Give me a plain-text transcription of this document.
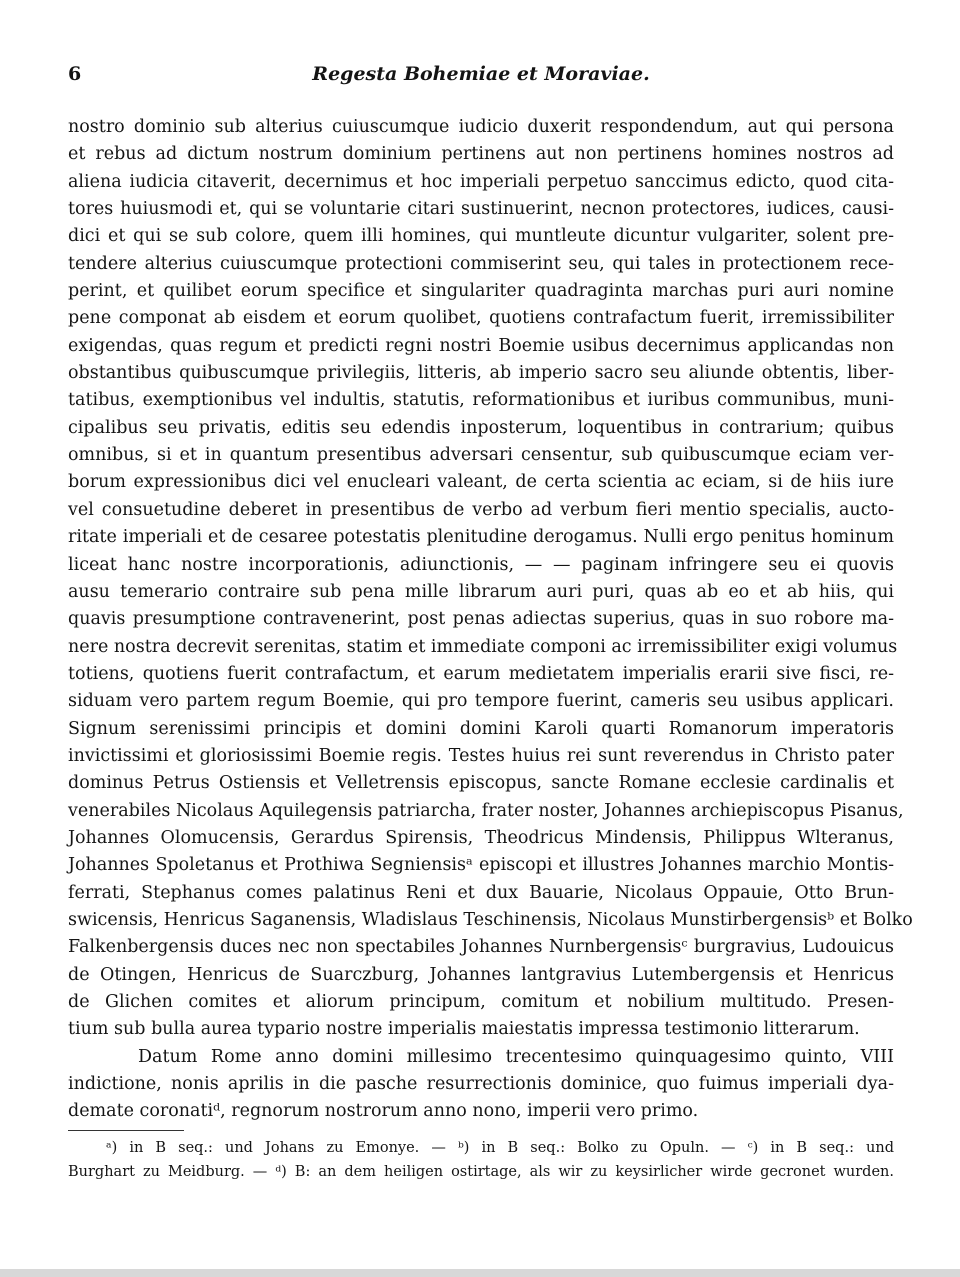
6	Regesta Bohemiae et Moraviae.
nostro dominio sub alterius cuiuscumque iudicio duxerit respondendum, aut qui persona
et rebus ad dictum nostrum dominium pertinens aut non pertinens homines nostros ad
aliena iudicia citaverit, decernimus et hoc imperiali perpetuo sanccimus edicto, quod cita-
tores huiusmodi et, qui se voluntarie citari sustinuerint, necnon protectores, iudices, causi-
dici et qui se sub colore, quem illi homines, qui muntleute dicuntur vulgariter, solent pre-
tendere alterius cuiuscumque protectioni commiserint seu, qui tales in protectionem rece-
perint, et quilibet eorum specifice et singulariter quadraginta marchas puri auri nomine
pene componat ab eisdem et eorum quolibet, quotiens contrafactum fuerit, irremissibiliter
exigendas, quas regum et predicti regni nostri Boemie usibus decernimus applicandas non
obstantibus quibuscumque privilegiis, litteris, ab imperio sacro seu aliunde obtentis, liber-
tatibus, exemptionibus vel indultis, statutis, reformationibus et iuribus communibus, muni-
cipalibus seu privatis, editis seu edendis inposterum, loquentibus in contrarium; quibus
omnibus, si et in quantum presentibus adversari censentur, sub quibuscumque eciam ver-
borum expressionibus dici vel enucleari valeant, de certa scientia ac eciam, si de hiis iure
vel consuetudine deberet in presentibus de verbo ad verbum fieri mentio specialis, aucto-
ritate imperiali et de cesaree potestatis plenitudine derogamus. Nulli ergo penitus hominum
liceat hanc nostre incorporationis, adiunctionis, — — paginam infringere seu ei quovis
ausu temerario contraire sub pena mille librarum auri puri, quas ab eo et ab hiis, qui
quavis presumptione contravenerint, post penas adiectas superius, quas in suo robore ma-
nere nostra decrevit serenitas, statim et immediate componi ac irremissibiliter exigi volumus
totiens, quotiens fuerit contrafactum, et earum medietatem imperialis erarii sive fisci, re-
siduam vero partem regum Boemie, qui pro tempore fuerint, cameris seu usibus applicari.
Signum serenissimi principis et domini domini Karoli quarti Romanorum imperatoris
invictissimi et gloriosissimi Boemie regis. Testes huius rei sunt reverendus in Christo pater
dominus Petrus Ostiensis et Velletrensis episcopus, sancte Romane ecclesie cardinalis et
venerabiles Nicolaus Aquilegensis patriarcha, frater noster, Johannes archiepiscopus Pisanus,
Johannes Olomucensis, Gerardus Spirensis, Theodricus Mindensis, Philippus Wlteranus,
Johannes Spoletanus et Prothiwa Segniensisᵃ episcopi et illustres Johannes marchio Montis-
ferrati, Stephanus comes palatinus Reni et dux Bauarie, Nicolaus Oppauie, Otto Brun-
swicensis, Henricus Saganensis, Wladislaus Teschinensis, Nicolaus Munstirbergensisᵇ et Bolko
Falkenbergensis duces nec non spectabiles Johannes Nurnbergensisᶜ burgravius, Ludouicus
de Otingen, Henricus de Suarczburg, Johannes lantgravius Lutembergensis et Henricus
de Glichen comites et aliorum principum, comitum et nobilium multitudo. Presen-
tium sub bulla aurea typario nostre imperialis maiestatis impressa testimonio litterarum.
Datum Rome anno domini millesimo trecentesimo quinquagesimo quinto, VIII
indictione, nonis aprilis in die pasche resurrectionis dominice, quo fuimus imperiali dya-
demate coronatiᵈ, regnorum nostrorum anno nono, imperii vero primo.
ᵃ) in B seq.: und Johans zu Emonye. — ᵇ) in B seq.: Bolko zu Opuln. — ᶜ) in B seq.: und
Burghart zu Meidburg. — ᵈ) B: an dem heiligen ostirtage, als wir zu keysirlicher wirde gecronet wurden.
